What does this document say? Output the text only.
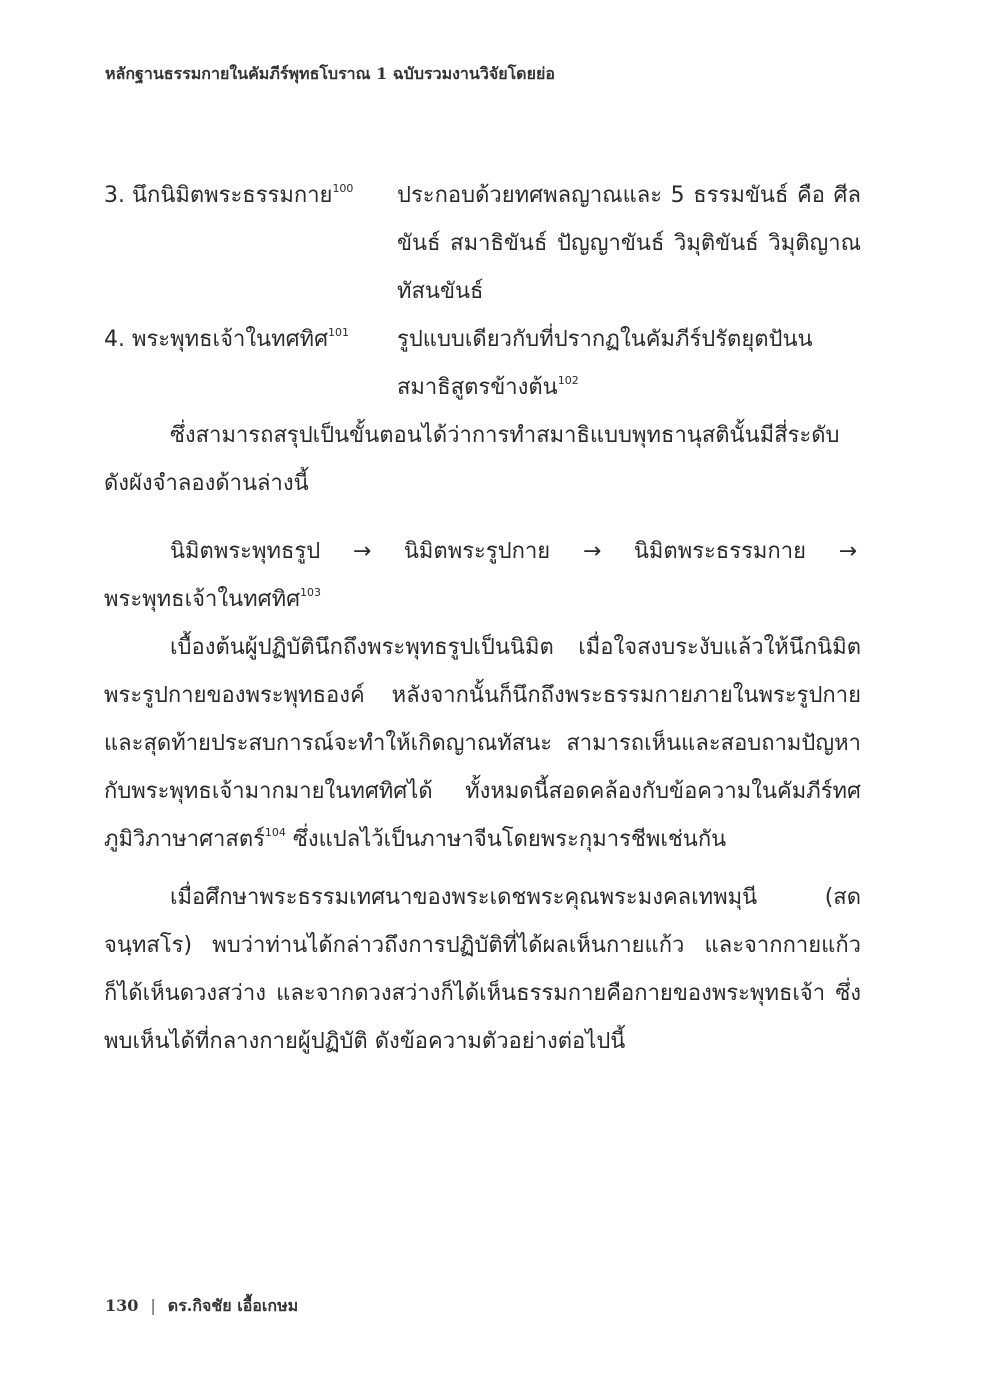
หลักฐานธรรมกายในคัมภีร์พุทธโบราณ 1 ฉบับรวมงานวิจัยโดยย่อ
3. นึกนิมิตพระธรรมกาย$^{100}$	ประกอบด้วยทศพลญาณและ 5 ธรรมขันธ์ คือ ศีลขันธ์ สมาธิขันธ์ ปัญญาขันธ์ วิมุติขันธ์ วิมุติญาณทัสนขันธ์
4. พระพุทธเจ้าในทศทิศ$^{101}$	รูปแบบเดียวกับที่ปรากฏในคัมภีร์ปรัตยุตปันนสมาธิสูตรข้างต้น$^{102}$

ซึ่งสามารถสรุปเป็นขั้นตอนได้ว่าการทำสมาธิแบบพุทธานุสตินั้นมีสี่ระดับ ดังผังจำลองด้านล่างนี้

นิมิตพระพุทธรูป → นิมิตพระรูปกาย → นิมิตพระธรรมกาย → พระพุทธเจ้าในทศทิศ$^{103}$

เบื้องต้นผู้ปฏิบัตินึกถึงพระพุทธรูปเป็นนิมิต เมื่อใจสงบระงับแล้วให้นึกนิมิตพระรูปกายของพระพุทธองค์ หลังจากนั้นก็นึกถึงพระธรรมกายภายในพระรูปกาย และสุดท้ายประสบการณ์จะทำให้เกิดญาณทัสนะ สามารถเห็นและสอบถามปัญหากับพระพุทธเจ้ามากมายในทศทิศได้ ทั้งหมดนี้สอดคล้องกับข้อความในคัมภีร์ทศภูมิวิภาษาศาสตร์$^{104}$ ซึ่งแปลไว้เป็นภาษาจีนโดยพระกุมารชีพเช่นกัน

เมื่อศึกษาพระธรรมเทศนาของพระเดชพระคุณพระมงคลเทพมุนี (สด จนฺทสโร) พบว่าท่านได้กล่าวถึงการปฏิบัติที่ได้ผลเห็นกายแก้ว และจากกายแก้วก็ได้เห็นดวงสว่าง และจากดวงสว่างก็ได้เห็นธรรมกายคือกายของพระพุทธเจ้า ซึ่งพบเห็นได้ที่กลางกายผู้ปฏิบัติ ดังข้อความตัวอย่างต่อไปนี้

130 | ดร.กิจชัย เอื้อเกษม
